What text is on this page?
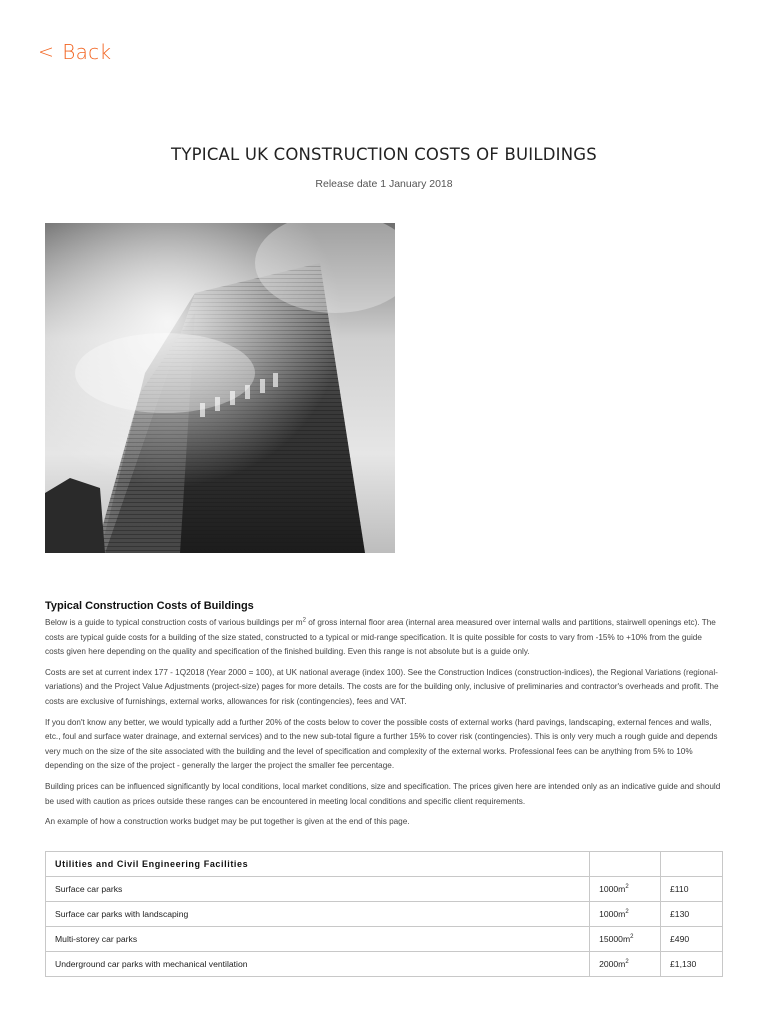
< Back
TYPICAL UK CONSTRUCTION COSTS OF BUILDINGS
Release date 1 January 2018
Typical Construction Costs of Buildings

Below is a guide to typical construction costs of various buildings per $m^2$ of gross internal floor area (internal area measured over internal walls and partitions, stairwell openings etc). The costs are typical guide costs for a building of the size stated, constructed to a typical or mid-range specification. It is quite possible for costs to vary from -15% to +10% from the guide costs given here depending on the quality and specification of the finished building. Even this range is not absolute but is a guide only.

Costs are set at current index 177 - 1Q2018 (Year 2000 = 100), at UK national average (index 100). See the Construction Indices (construction-indices), the Regional Variations (regional-variations) and the Project Value Adjustments (project-size) pages for more details. The costs are for the building only, inclusive of preliminaries and contractor's overheads and profit. The costs are exclusive of furnishings, external works, allowances for risk (contingencies), fees and VAT.

If you don't know any better, we would typically add a further 20% of the costs below to cover the possible costs of external works (hard pavings, landscaping, external fences and walls, etc., foul and surface water drainage, and external services) and to the new sub-total figure a further 15% to cover risk (contingencies). This is only very much a rough guide and depends very much on the size of the site associated with the building and the level of specification and complexity of the external works. Professional fees can be anything from 5% to 10% depending on the size of the project - generally the larger the project the smaller fee percentage.

Building prices can be influenced significantly by local conditions, local market conditions, size and specification. The prices given here are intended only as an indicative guide and should be used with caution as prices outside these ranges can be encountered in meeting local conditions and specific client requirements.

An example of how a construction works budget may be put together is given at the end of this page.

Utilities and Civil Engineering Facilities		
Surface car parks	$1000m^2$	£110
Surface car parks with landscaping	$1000m^2$	£130
Multi-storey car parks	$15000m^2$	£490
Underground car parks with mechanical ventilation	$2000m^2$	£1,130
